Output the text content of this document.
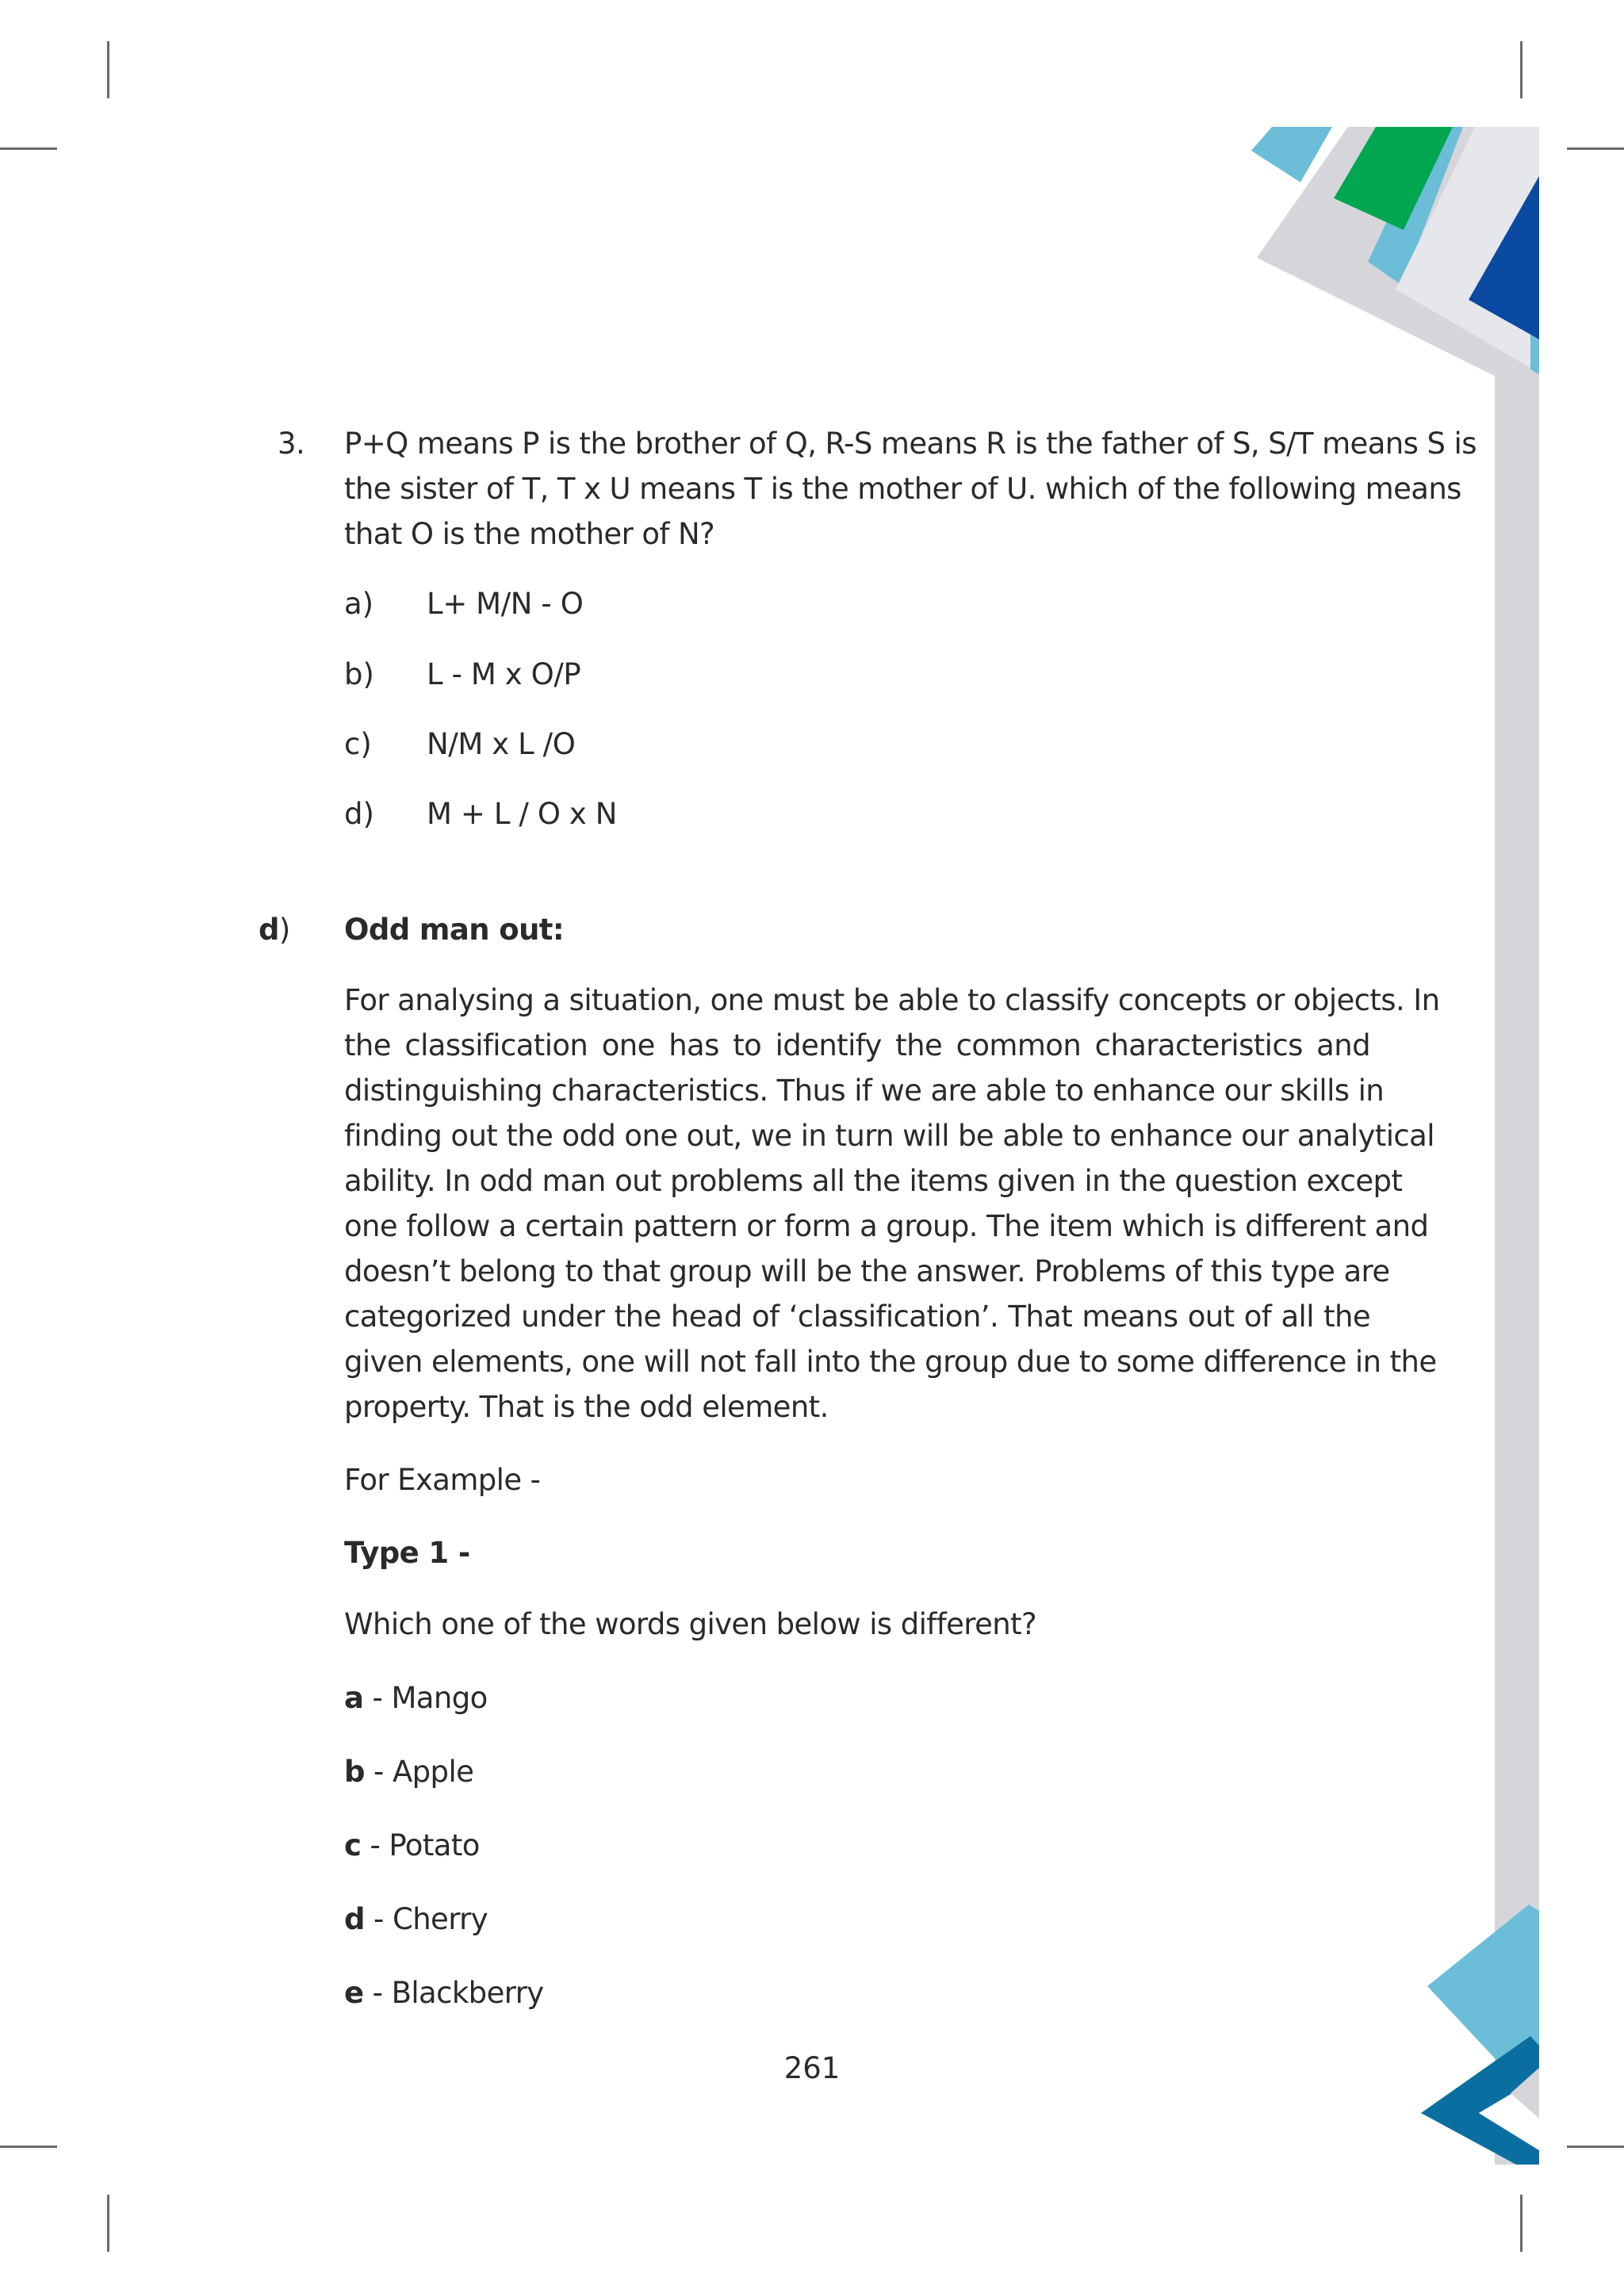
3. P+Q means P is the brother of Q, R-S means R is the father of S, S/T means S is
the sister of T, T x U means T is the mother of U. which of the following means
that O is the mother of N?
a) L+ M/N - O
b) L - M x O/P
c) N/M x L /O
d) M + L / O x N
d) Odd man out:
For analysing a situation, one must be able to classify concepts or objects. In
the classification one has to identify the common characteristics and
distinguishing characteristics. Thus if we are able to enhance our skills in
finding out the odd one out, we in turn will be able to enhance our analytical
ability. In odd man out problems all the items given in the question except
one follow a certain pattern or form a group. The item which is different and
doesn’t belong to that group will be the answer. Problems of this type are
categorized under the head of ‘classification’. That means out of all the
given elements, one will not fall into the group due to some difference in the
property. That is the odd element.
For Example -
Type 1 -
Which one of the words given below is different?
a - Mango
b - Apple
c - Potato
d - Cherry
e - Blackberry
261
